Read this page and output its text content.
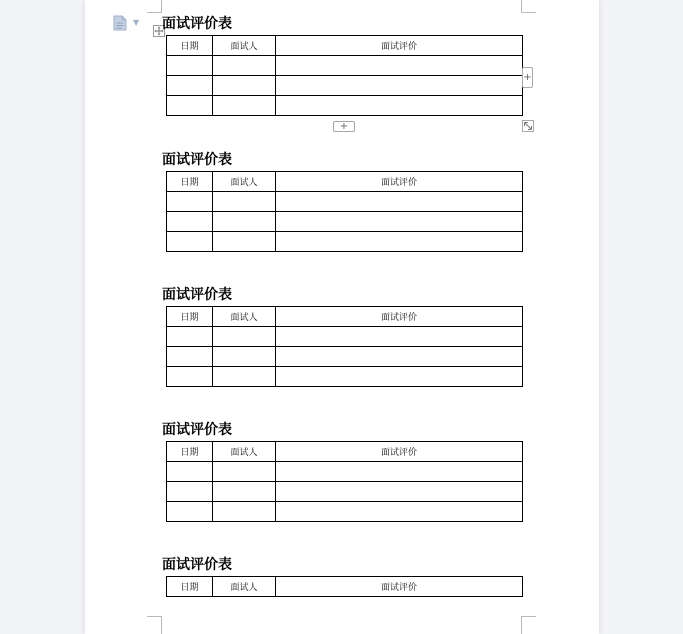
▼ 面试评价表
日期	面试人	面试评价

面试评价表
日期	面试人	面试评价

面试评价表
日期	面试人	面试评价

面试评价表
日期	面试人	面试评价

面试评价表
日期	面试人	面试评价
+
+
